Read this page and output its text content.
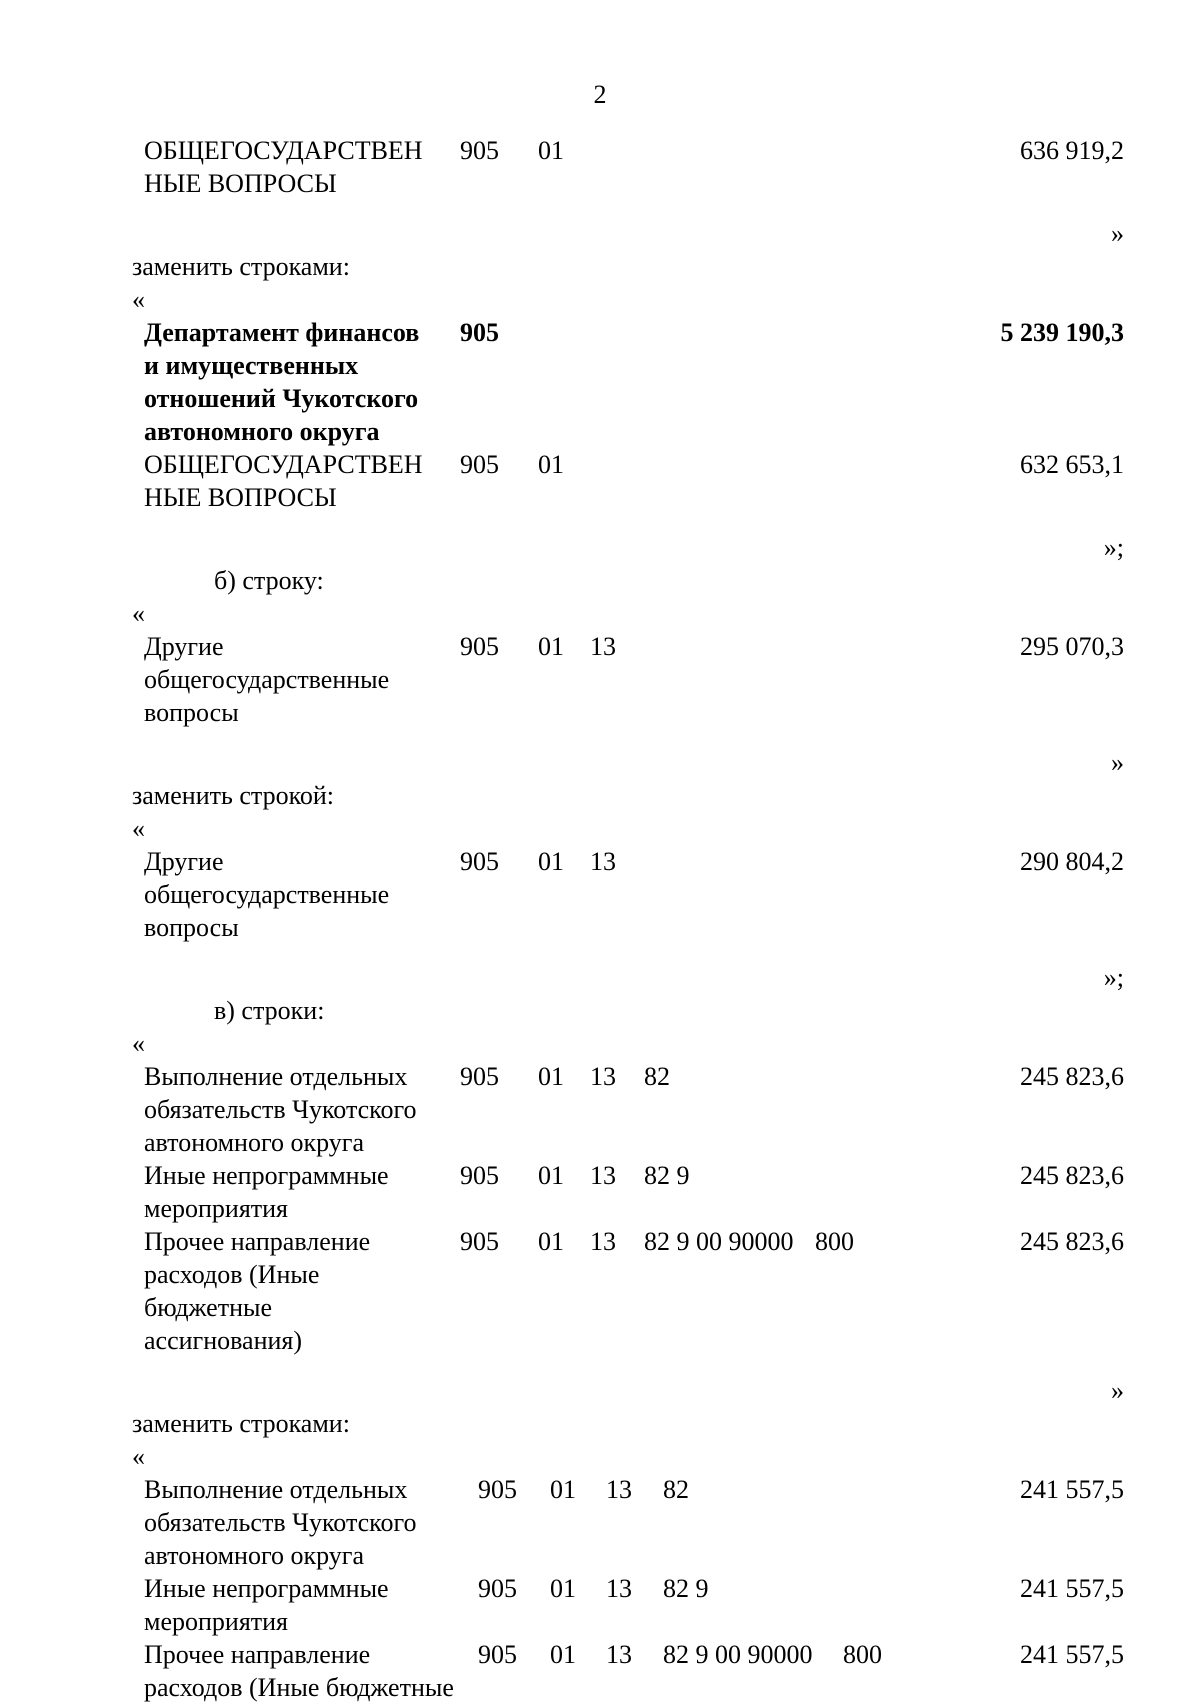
2
ОБЩЕГОСУДАРСТВЕН НЫЕ ВОПРОСЫ
905 01	636 919,2
»
заменить строками:
«
Департамент финансов и имущественных отношений Чукотского автономного округа
905	5 239 190,3
ОБЩЕГОСУДАРСТВЕН НЫЕ ВОПРОСЫ
905 01	632 653,1
»;
б) строку:
«
Другие общегосударственные вопросы
905 01 13	295 070,3
»
заменить строкой:
«
Другие общегосударственные вопросы
905 01 13	290 804,2
»;
в) строки:
«
Выполнение отдельных обязательств Чукотского автономного округа
905 01 13 82	245 823,6
Иные непрограммные мероприятия
905 01 13 82 9	245 823,6
Прочее направление расходов (Иные бюджетные ассигнования)
905 01 13 82 9 00 90000 800	245 823,6
»
заменить строками:
«
Выполнение отдельных обязательств Чукотского автономного округа
905 01 13 82	241 557,5
Иные непрограммные мероприятия
905 01 13 82 9	241 557,5
Прочее направление расходов (Иные бюджетные
905 01 13 82 9 00 90000 800	241 557,5
